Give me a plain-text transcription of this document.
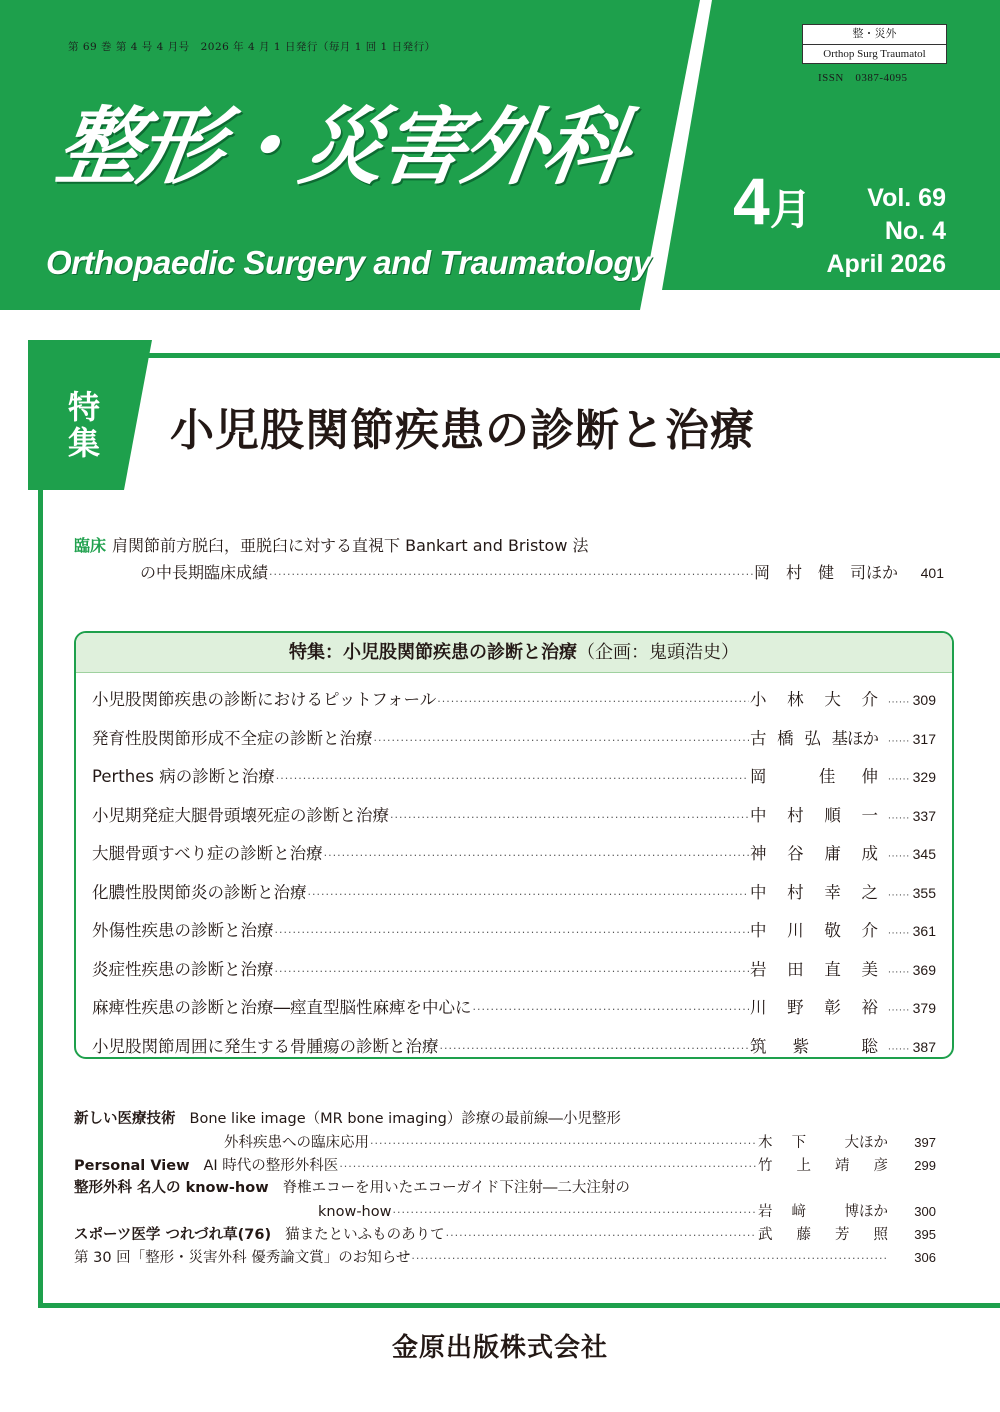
第 69 巻 第 4 号 4 月号　2026 年 4 月 1 日発行（毎月 1 回 1 日発行）
整・災外
Orthop Surg Traumatol
ISSN　0387-4095
整形・災害外科
Orthopaedic Surgery and Traumatology
4月	Vol. 69
No. 4
April 2026
特集 小児股関節疾患の診断と治療
臨床 肩関節前方脱臼，亜脱臼に対する直視下 Bankart and Bristow 法
の中長期臨床成績 ·····	岡　村　健　司ほか	401
特集：小児股関節疾患の診断と治療（企画：鬼頭浩史）
小児股関節疾患の診断におけるピットフォール ·····	小 林 大 介	······ 309
発育性股関節形成不全症の診断と治療 ·····	古 橋 弘 基ほか	······ 317
Perthes 病の診断と治療 ·····	岡	佳 伸	······ 329
小児期発症大腿骨頭壊死症の診断と治療 ·····	中 村 順 一	······ 337
大腿骨頭すべり症の診断と治療 ·····	神 谷 庸 成	······ 345
化膿性股関節炎の診断と治療 ·····	中 村 幸 之	······ 355
外傷性疾患の診断と治療 ·····	中 川 敬 介	······ 361
炎症性疾患の診断と治療 ·····	岩 田 直 美	······ 369
麻痺性疾患の診断と治療―痙直型脳性麻痺を中心に ·····	川 野 彰 裕	······ 379
小児股関節周囲に発生する骨腫瘍の診断と治療 ·····	筑 紫	聡	······ 387
新しい医療技術 Bone like image（MR bone imaging）診療の最前線―小児整形
外科疾患への臨床応用 ·····	木 下	大ほか	397
Personal View AI 時代の整形外科医 ·····	竹 上 靖 彦	299
整形外科 名人の know-how 脊椎エコーを用いたエコーガイド下注射―二大注射の
know-how ·····	岩 﨑	博ほか	300
スポーツ医学 つれづれ草(76) 猫またといふものありて ·····	武 藤 芳 照	395
第 30 回「整形・災害外科 優秀論文賞」のお知らせ ·····	306
金原出版株式会社
